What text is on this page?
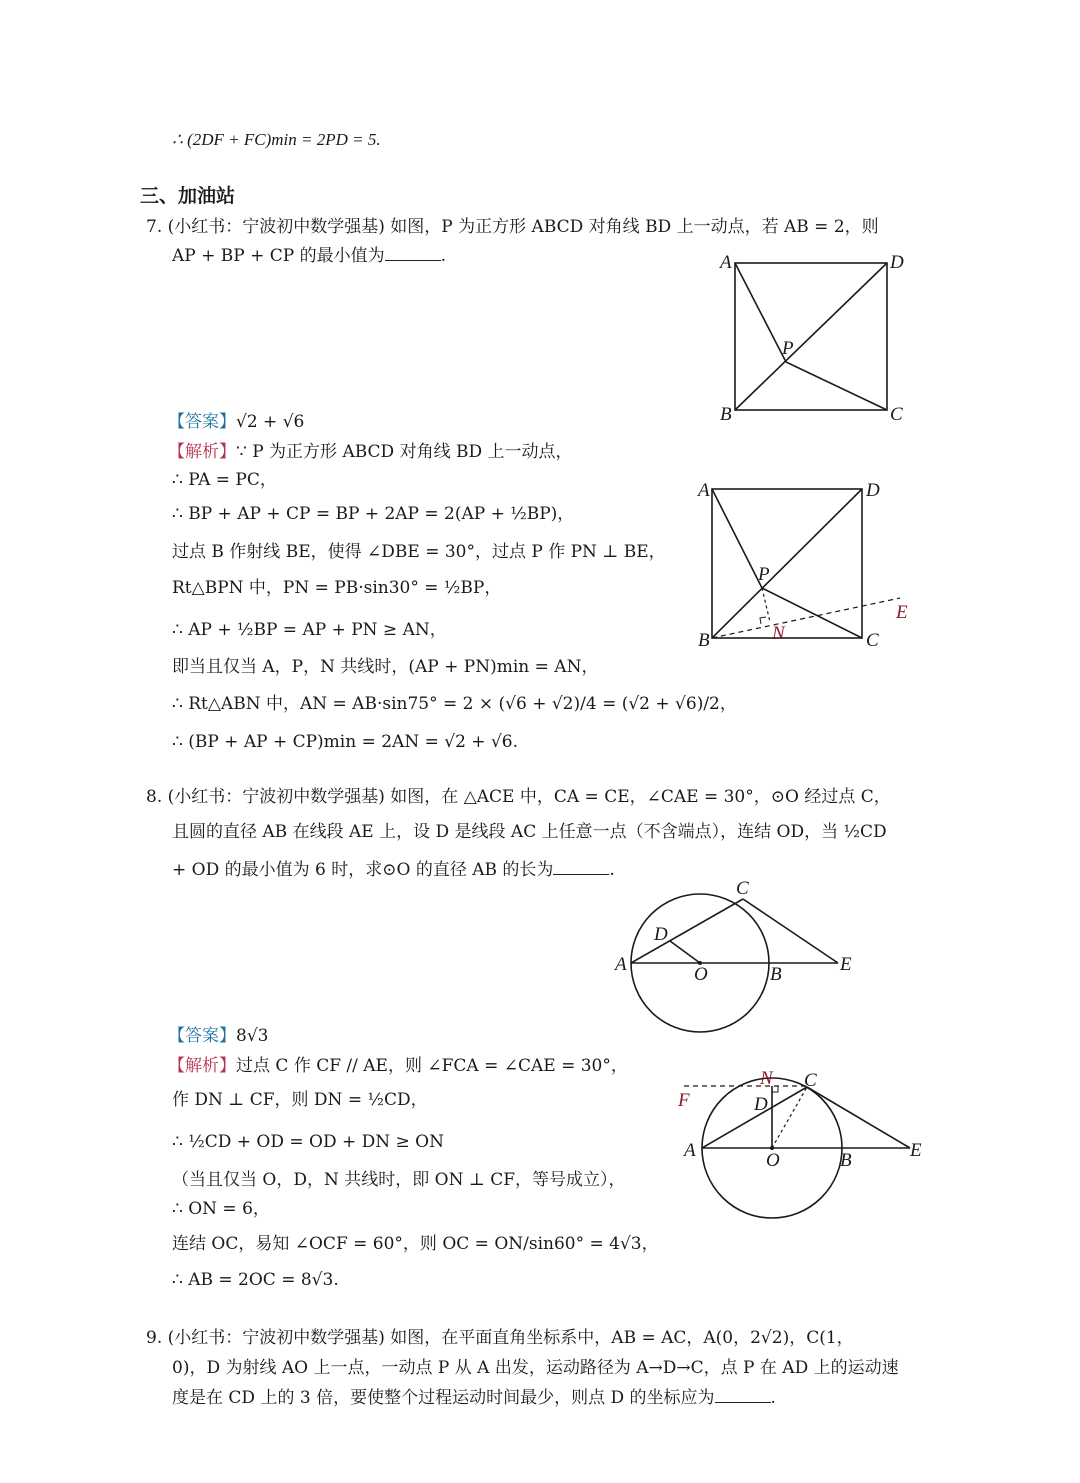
∴ (2DF + FC)min = 2PD = 5.
三、加油站
7. (小红书：宁波初中数学强基) 如图，P 为正方形 ABCD 对角线 BD 上一动点，若 AB = 2，则
AP + BP + CP 的最小值为	.	A	D
B	C
P
【答案】√2 + √6
【解析】∵ P 为正方形 ABCD 对角线 BD 上一动点，
∴ PA = PC，
∴ BP + AP + CP = BP + 2AP = 2(AP + ½BP)，
过点 B 作射线 BE，使得 ∠DBE = 30°，过点 P 作 PN ⊥ BE，
Rt△BPN 中，PN = PB·sin30° = ½BP，
∴ AP + ½BP = AP + PN ≥ AN，
即当且仅当 A，P，N 共线时，(AP + PN)min = AN，
∴ Rt△ABN 中，AN = AB·sin75° = 2 × (√6 + √2)/4 = (√2 + √6)/2，
∴ (BP + AP + CP)min = 2AN = √2 + √6.
A	D
B	C
P
N
E
8. (小红书：宁波初中数学强基) 如图，在 △ACE 中，CA = CE，∠CAE = 30°，⊙O 经过点 C，
且圆的直径 AB 在线段 AE 上，设 D 是线段 AC 上任意一点（不含端点），连结 OD，当 ½CD
+ OD 的最小值为 6 时，求⊙O 的直径 AB 的长为	.
A
D
C
O	B	E
【答案】8√3
【解析】过点 C 作 CF // AE，则 ∠FCA = ∠CAE = 30°，
作 DN ⊥ CF，则 DN = ½CD，
∴ ½CD + OD = OD + DN ≥ ON
（当且仅当 O，D，N 共线时，即 ON ⊥ CF，等号成立），
∴ ON = 6，
连结 OC，易知 ∠OCF = 60°，则 OC = ON/sin60° = 4√3，
∴ AB = 2OC = 8√3.
F
N C
D
A	O	B	E
9. (小红书：宁波初中数学强基) 如图，在平面直角坐标系中，AB = AC，A(0，2√2)，C(1，
0)，D 为射线 AO 上一点，一动点 P 从 A 出发，运动路径为 A→D→C，点 P 在 AD 上的运动速
度是在 CD 上的 3 倍，要使整个过程运动时间最少，则点 D 的坐标应为	.
